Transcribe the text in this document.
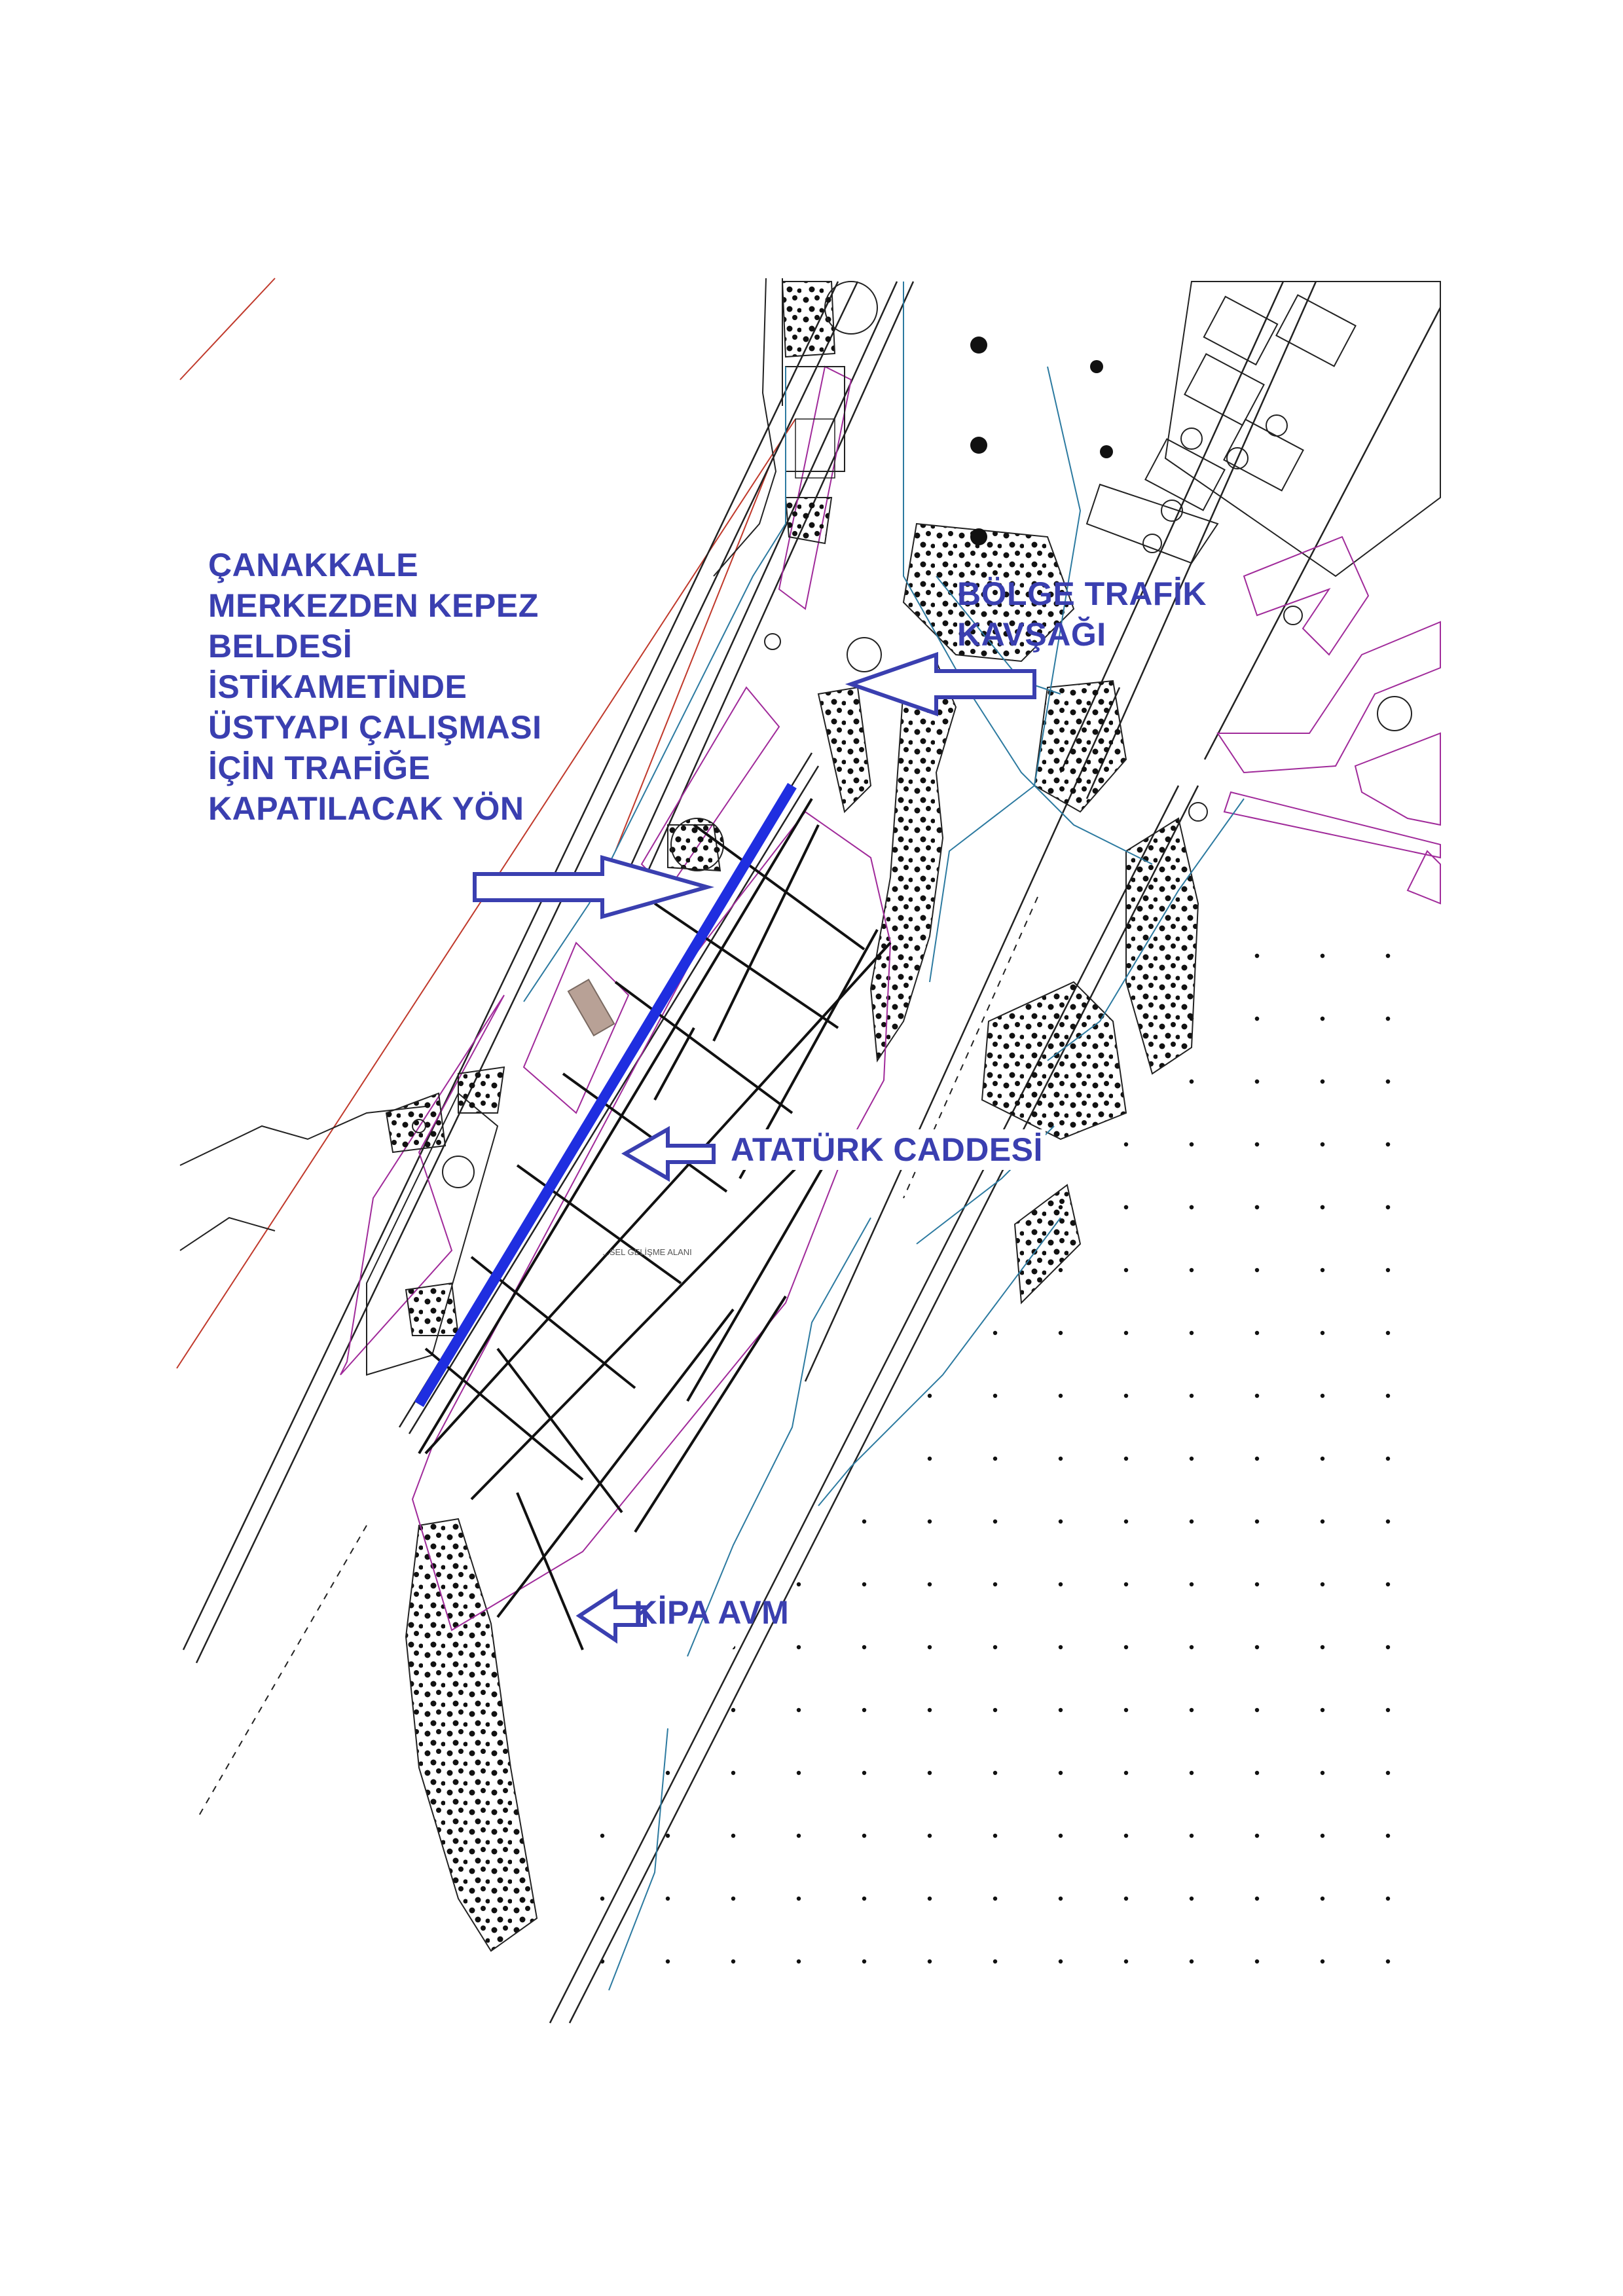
ÇANAKKALE
MERKEZDEN KEPEZ
BELDESİ
İSTİKAMETİNDE
ÜSTYAPI ÇALIŞMASI
İÇİN TRAFİĞE
KAPATILACAK YÖN
BÖLGE TRAFİK
KAVŞAĞI
ATATÜRK CADDESİ
KİPA AVM
...SEL GELİŞME ALANI
